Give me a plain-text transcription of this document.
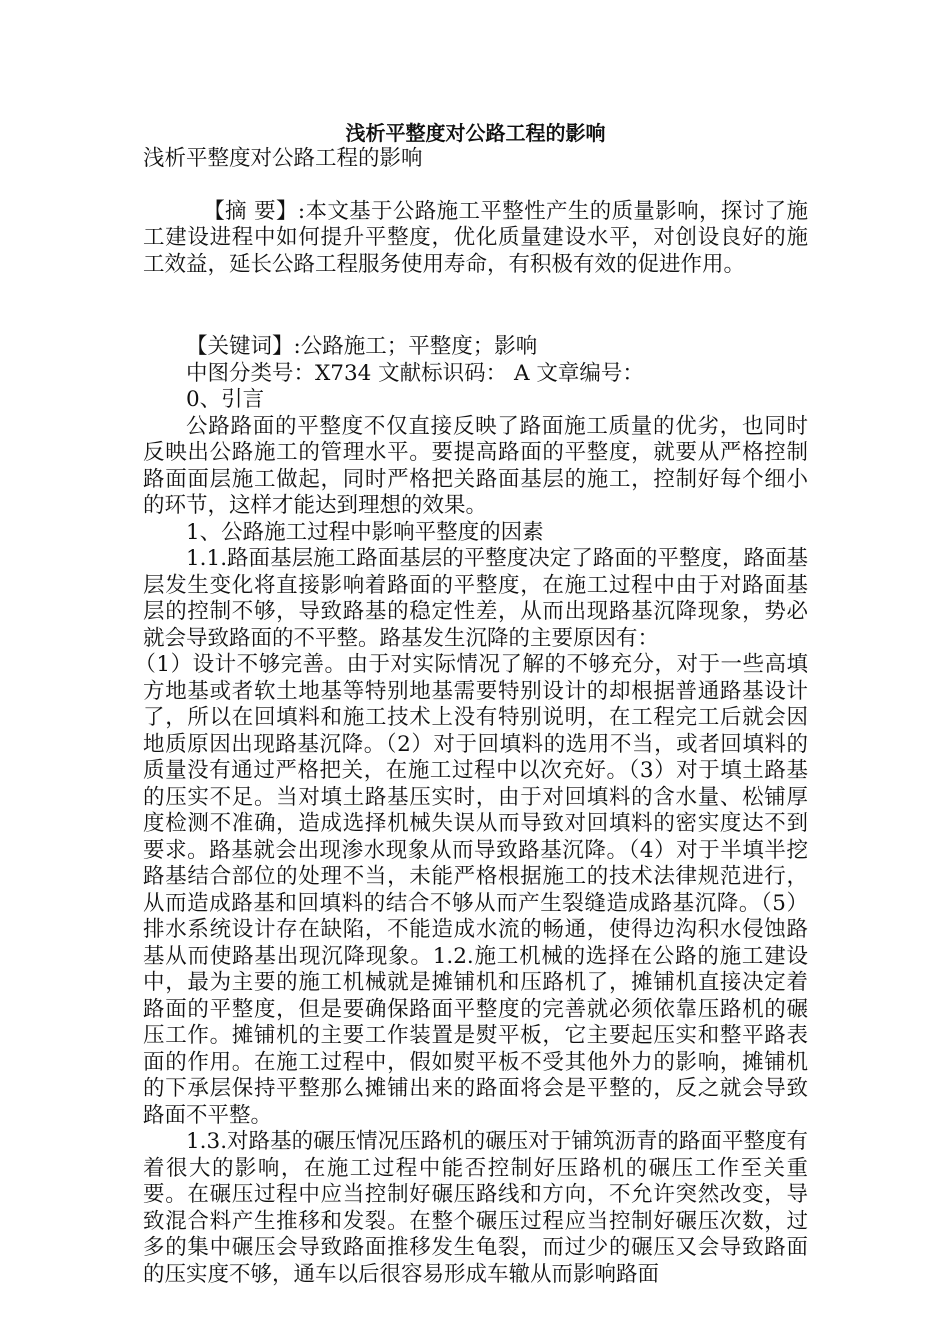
浅析平整度对公路工程的影响

浅析平整度对公路工程的影响

【摘 要】:本文基于公路施工平整性产生的质量影响，探讨了施工建设进程中如何提升平整度，优化质量建设水平，对创设良好的施工效益，延长公路工程服务使用寿命，有积极有效的促进作用。

【关键词】:公路施工；平整度；影响

中图分类号：X734 文献标识码： A 文章编号：

0、引言

公路路面的平整度不仅直接反映了路面施工质量的优劣，也同时反映出公路施工的管理水平。要提高路面的平整度，就要从严格控制路面面层施工做起，同时严格把关路面基层的施工，控制好每个细小的环节，这样才能达到理想的效果。

1、公路施工过程中影响平整度的因素

1.1.路面基层施工路面基层的平整度决定了路面的平整度，路面基层发生变化将直接影响着路面的平整度，在施工过程中由于对路面基层的控制不够，导致路基的稳定性差，从而出现路基沉降现象，势必就会导致路面的不平整。路基发生沉降的主要原因有：

（1）设计不够完善。由于对实际情况了解的不够充分，对于一些高填方地基或者软土地基等特别地基需要特别设计的却根据普通路基设计了，所以在回填料和施工技术上没有特别说明，在工程完工后就会因地质原因出现路基沉降。（2）对于回填料的选用不当，或者回填料的质量没有通过严格把关，在施工过程中以次充好。（3）对于填土路基的压实不足。当对填土路基压实时，由于对回填料的含水量、松铺厚度检测不准确，造成选择机械失误从而导致对回填料的密实度达不到要求。路基就会出现渗水现象从而导致路基沉降。（4）对于半填半挖路基结合部位的处理不当，未能严格根据施工的技术法律规范进行，从而造成路基和回填料的结合不够从而产生裂缝造成路基沉降。（5）排水系统设计存在缺陷，不能造成水流的畅通，使得边沟积水侵蚀路基从而使路基出现沉降现象。1.2.施工机械的选择在公路的施工建设中，最为主要的施工机械就是摊铺机和压路机了，摊铺机直接决定着路面的平整度，但是要确保路面平整度的完善就必须依靠压路机的碾压工作。摊铺机的主要工作装置是熨平板，它主要起压实和整平路表面的作用。在施工过程中，假如熨平板不受其他外力的影响，摊铺机的下承层保持平整那么摊铺出来的路面将会是平整的，反之就会导致路面不平整。

1.3.对路基的碾压情况压路机的碾压对于铺筑沥青的路面平整度有着很大的影响，在施工过程中能否控制好压路机的碾压工作至关重要。在碾压过程中应当控制好碾压路线和方向，不允许突然改变，导致混合料产生推移和发裂。在整个碾压过程应当控制好碾压次数，过多的集中碾压会导致路面推移发生龟裂，而过少的碾压又会导致路面的压实度不够，通车以后很容易形成车辙从而影响路面
